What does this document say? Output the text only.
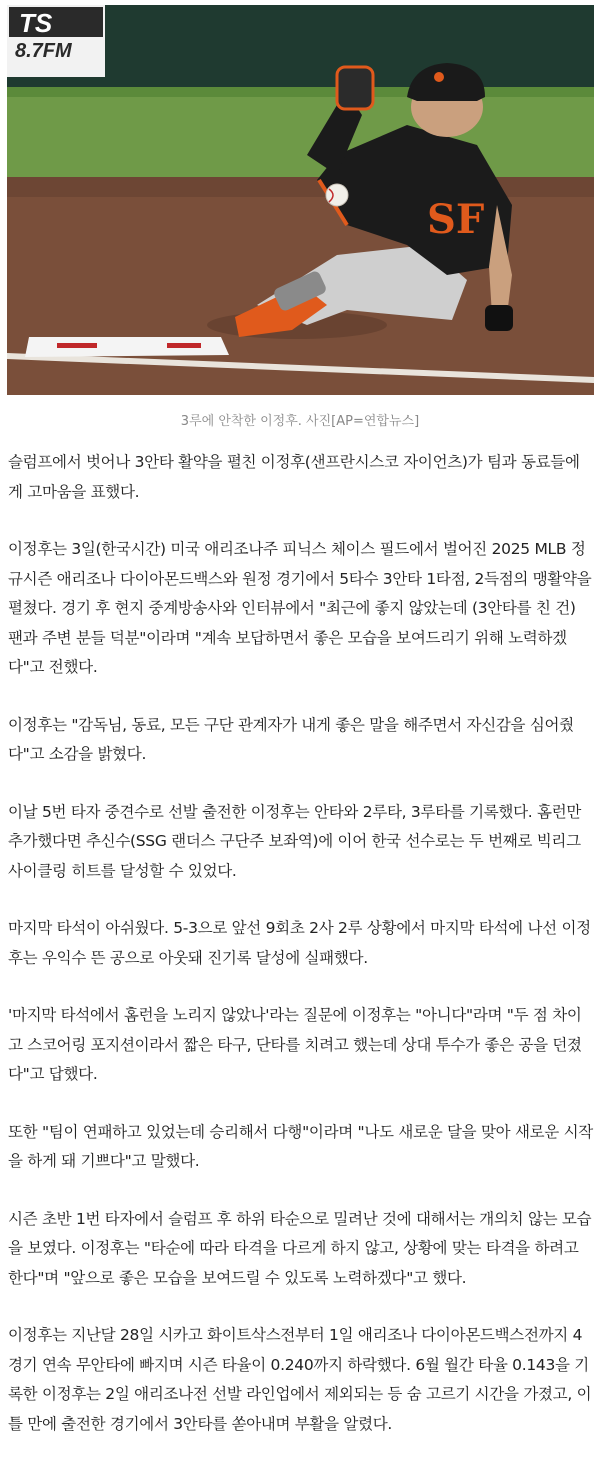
TS
8.7FM
SF
3루에 안착한 이정후. 사진[AP=연합뉴스]

슬럼프에서 벗어나 3안타 활약을 펼친 이정후(샌프란시스코 자이언츠)가 팀과 동료들에게 고마움을 표했다.

이정후는 3일(한국시간) 미국 애리조나주 피닉스 체이스 필드에서 벌어진 2025 MLB 정규시즌 애리조나 다이아몬드백스와 원정 경기에서 5타수 3안타 1타점, 2득점의 맹활약을 펼쳤다. 경기 후 현지 중계방송사와 인터뷰에서 "최근에 좋지 않았는데 (3안타를 친 건) 팬과 주변 분들 덕분"이라며 "계속 보답하면서 좋은 모습을 보여드리기 위해 노력하겠다"고 전했다.

이정후는 "감독님, 동료, 모든 구단 관계자가 내게 좋은 말을 해주면서 자신감을 심어줬다"고 소감을 밝혔다.

이날 5번 타자 중견수로 선발 출전한 이정후는 안타와 2루타, 3루타를 기록했다. 홈런만 추가했다면 추신수(SSG 랜더스 구단주 보좌역)에 이어 한국 선수로는 두 번째로 빅리그 사이클링 히트를 달성할 수 있었다.

마지막 타석이 아쉬웠다. 5-3으로 앞선 9회초 2사 2루 상황에서 마지막 타석에 나선 이정후는 우익수 뜬 공으로 아웃돼 진기록 달성에 실패했다.

'마지막 타석에서 홈런을 노리지 않았나'라는 질문에 이정후는 "아니다"라며 "두 점 차이고 스코어링 포지션이라서 짧은 타구, 단타를 치려고 했는데 상대 투수가 좋은 공을 던졌다"고 답했다.

또한 "팀이 연패하고 있었는데 승리해서 다행"이라며 "나도 새로운 달을 맞아 새로운 시작을 하게 돼 기쁘다"고 말했다.

시즌 초반 1번 타자에서 슬럼프 후 하위 타순으로 밀려난 것에 대해서는 개의치 않는 모습을 보였다. 이정후는 "타순에 따라 타격을 다르게 하지 않고, 상황에 맞는 타격을 하려고 한다"며 "앞으로 좋은 모습을 보여드릴 수 있도록 노력하겠다"고 했다.

이정후는 지난달 28일 시카고 화이트삭스전부터 1일 애리조나 다이아몬드백스전까지 4경기 연속 무안타에 빠지며 시즌 타율이 0.240까지 하락했다. 6월 월간 타율 0.143을 기록한 이정후는 2일 애리조나전 선발 라인업에서 제외되는 등 숨 고르기 시간을 가졌고, 이틀 만에 출전한 경기에서 3안타를 쏟아내며 부활을 알렸다.
